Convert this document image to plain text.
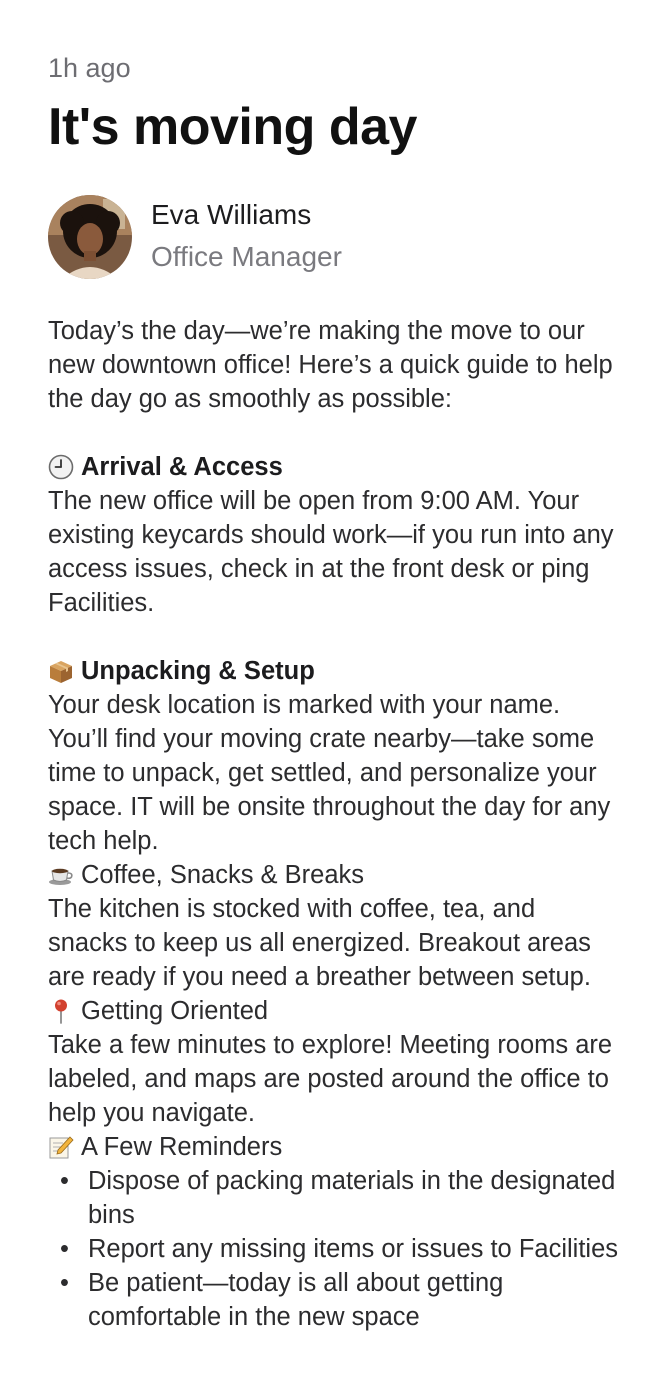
1h ago

It's moving day
Eva Williams
Office Manager

Today’s the day—we’re making the move to our new downtown office! Here’s a quick guide to help the day go as smoothly as possible:

Arrival & Access

The new office will be open from 9:00 AM. Your existing keycards should work—if you run into any access issues, check in at the front desk or ping Facilities.

Unpacking & Setup

Your desk location is marked with your name. You’ll find your moving crate nearby—take some time to unpack, get settled, and personalize your space. IT will be onsite throughout the day for any tech help.

Coffee, Snacks & Breaks

The kitchen is stocked with coffee, tea, and snacks to keep us all energized. Breakout areas are ready if you need a breather between setup.

Getting Oriented

Take a few minutes to explore! Meeting rooms are labeled, and maps are posted around the office to help you navigate.

A Few Reminders
• Dispose of packing materials in the designated bins
• Report any missing items or issues to Facilities
• Be patient—today is all about getting comfortable in the new space
